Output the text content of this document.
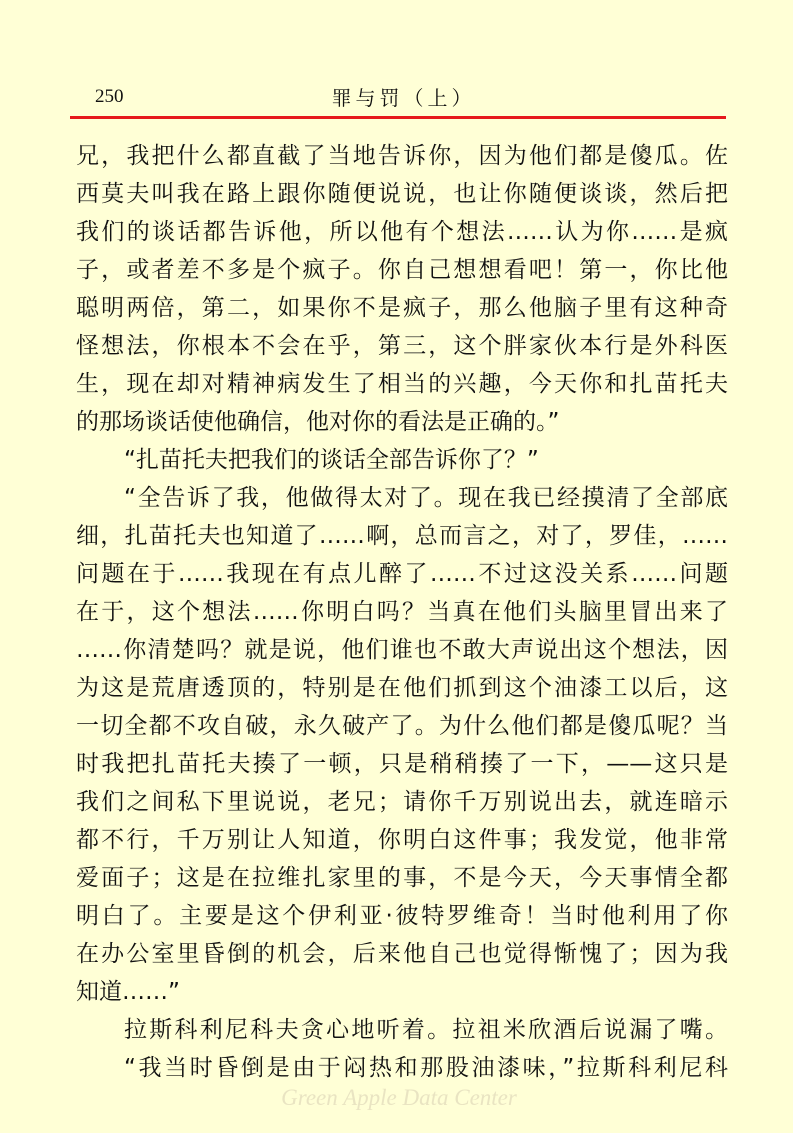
250	罪与罚（上）
兄，我把什么都直截了当地告诉你，因为他们都是傻瓜。佐
西莫夫叫我在路上跟你随便说说，也让你随便谈谈，然后把
我们的谈话都告诉他，所以他有个想法……认为你……是疯
子，或者差不多是个疯子。你自己想想看吧！第一，你比他
聪明两倍，第二，如果你不是疯子，那么他脑子里有这种奇
怪想法，你根本不会在乎，第三，这个胖家伙本行是外科医
生，现在却对精神病发生了相当的兴趣，今天你和扎苗托夫
的那场谈话使他确信，他对你的看法是正确的。”
“扎苗托夫把我们的谈话全部告诉你了？”
“全告诉了我，他做得太对了。现在我已经摸清了全部底
细，扎苗托夫也知道了……啊，总而言之，对了，罗佳，……
问题在于……我现在有点儿醉了……不过这没关系……问题
在于，这个想法……你明白吗？当真在他们头脑里冒出来了
……你清楚吗？就是说，他们谁也不敢大声说出这个想法，因
为这是荒唐透顶的，特别是在他们抓到这个油漆工以后，这
一切全都不攻自破，永久破产了。为什么他们都是傻瓜呢？当
时我把扎苗托夫揍了一顿，只是稍稍揍了一下，——这只是
我们之间私下里说说，老兄；请你千万别说出去，就连暗示
都不行，千万别让人知道，你明白这件事；我发觉，他非常
爱面子；这是在拉维扎家里的事，不是今天，今天事情全都
明白了。主要是这个伊利亚·彼特罗维奇！当时他利用了你
在办公室里昏倒的机会，后来他自己也觉得惭愧了；因为我
知道……”
拉斯科利尼科夫贪心地听着。拉祖米欣酒后说漏了嘴。
“我当时昏倒是由于闷热和那股油漆味，”拉斯科利尼科
Green Apple Data Center
